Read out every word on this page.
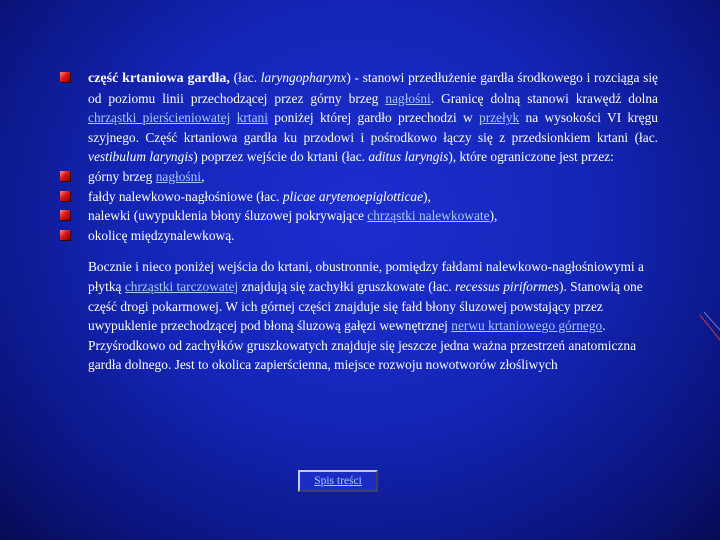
część krtaniowa gardła, (łac. laryngopharynx) - stanowi przedłużenie gardła środkowego i rozciąga się od poziomu linii przechodzącej przez górny brzeg nagłośni. Granicę dolną stanowi krawędź dolna chrząstki pierścieniowatej krtani poniżej której gardło przechodzi w przełyk na wysokości VI kręgu szyjnego. Część krtaniowa gardła ku przodowi i pośrodkowo łączy się z przedsionkiem krtani (łac. vestibulum laryngis) poprzez wejście do krtani (łac. aditus laryngis), które ograniczone jest przez:
górny brzeg nagłośni,
fałdy nalewkowo-nagłośniowe (łac. plicae arytenoepiglotticae),
nalewki (uwypuklenia błony śluzowej pokrywające chrząstki nalewkowate),
okolicę międzynalewkową.
Bocznie i nieco poniżej wejścia do krtani, obustronnie, pomiędzy fałdami nalewkowo-nagłośniowymi a płytką chrząstki tarczowatej znajdują się zachyłki gruszkowate (łac. recessus piriformes). Stanowią one część drogi pokarmowej. W ich górnej części znajduje się fałd błony śluzowej powstający przez uwypuklenie przechodzącej pod błoną śluzową gałęzi wewnętrznej nerwu krtaniowego górnego. Przyśrodkowo od zachyłków gruszkowatych znajduje się jeszcze jedna ważna przestrzeń anatomiczna gardła dolnego. Jest to okolica zapierścienna, miejsce rozwoju nowotworów złośliwych
Spis treści
